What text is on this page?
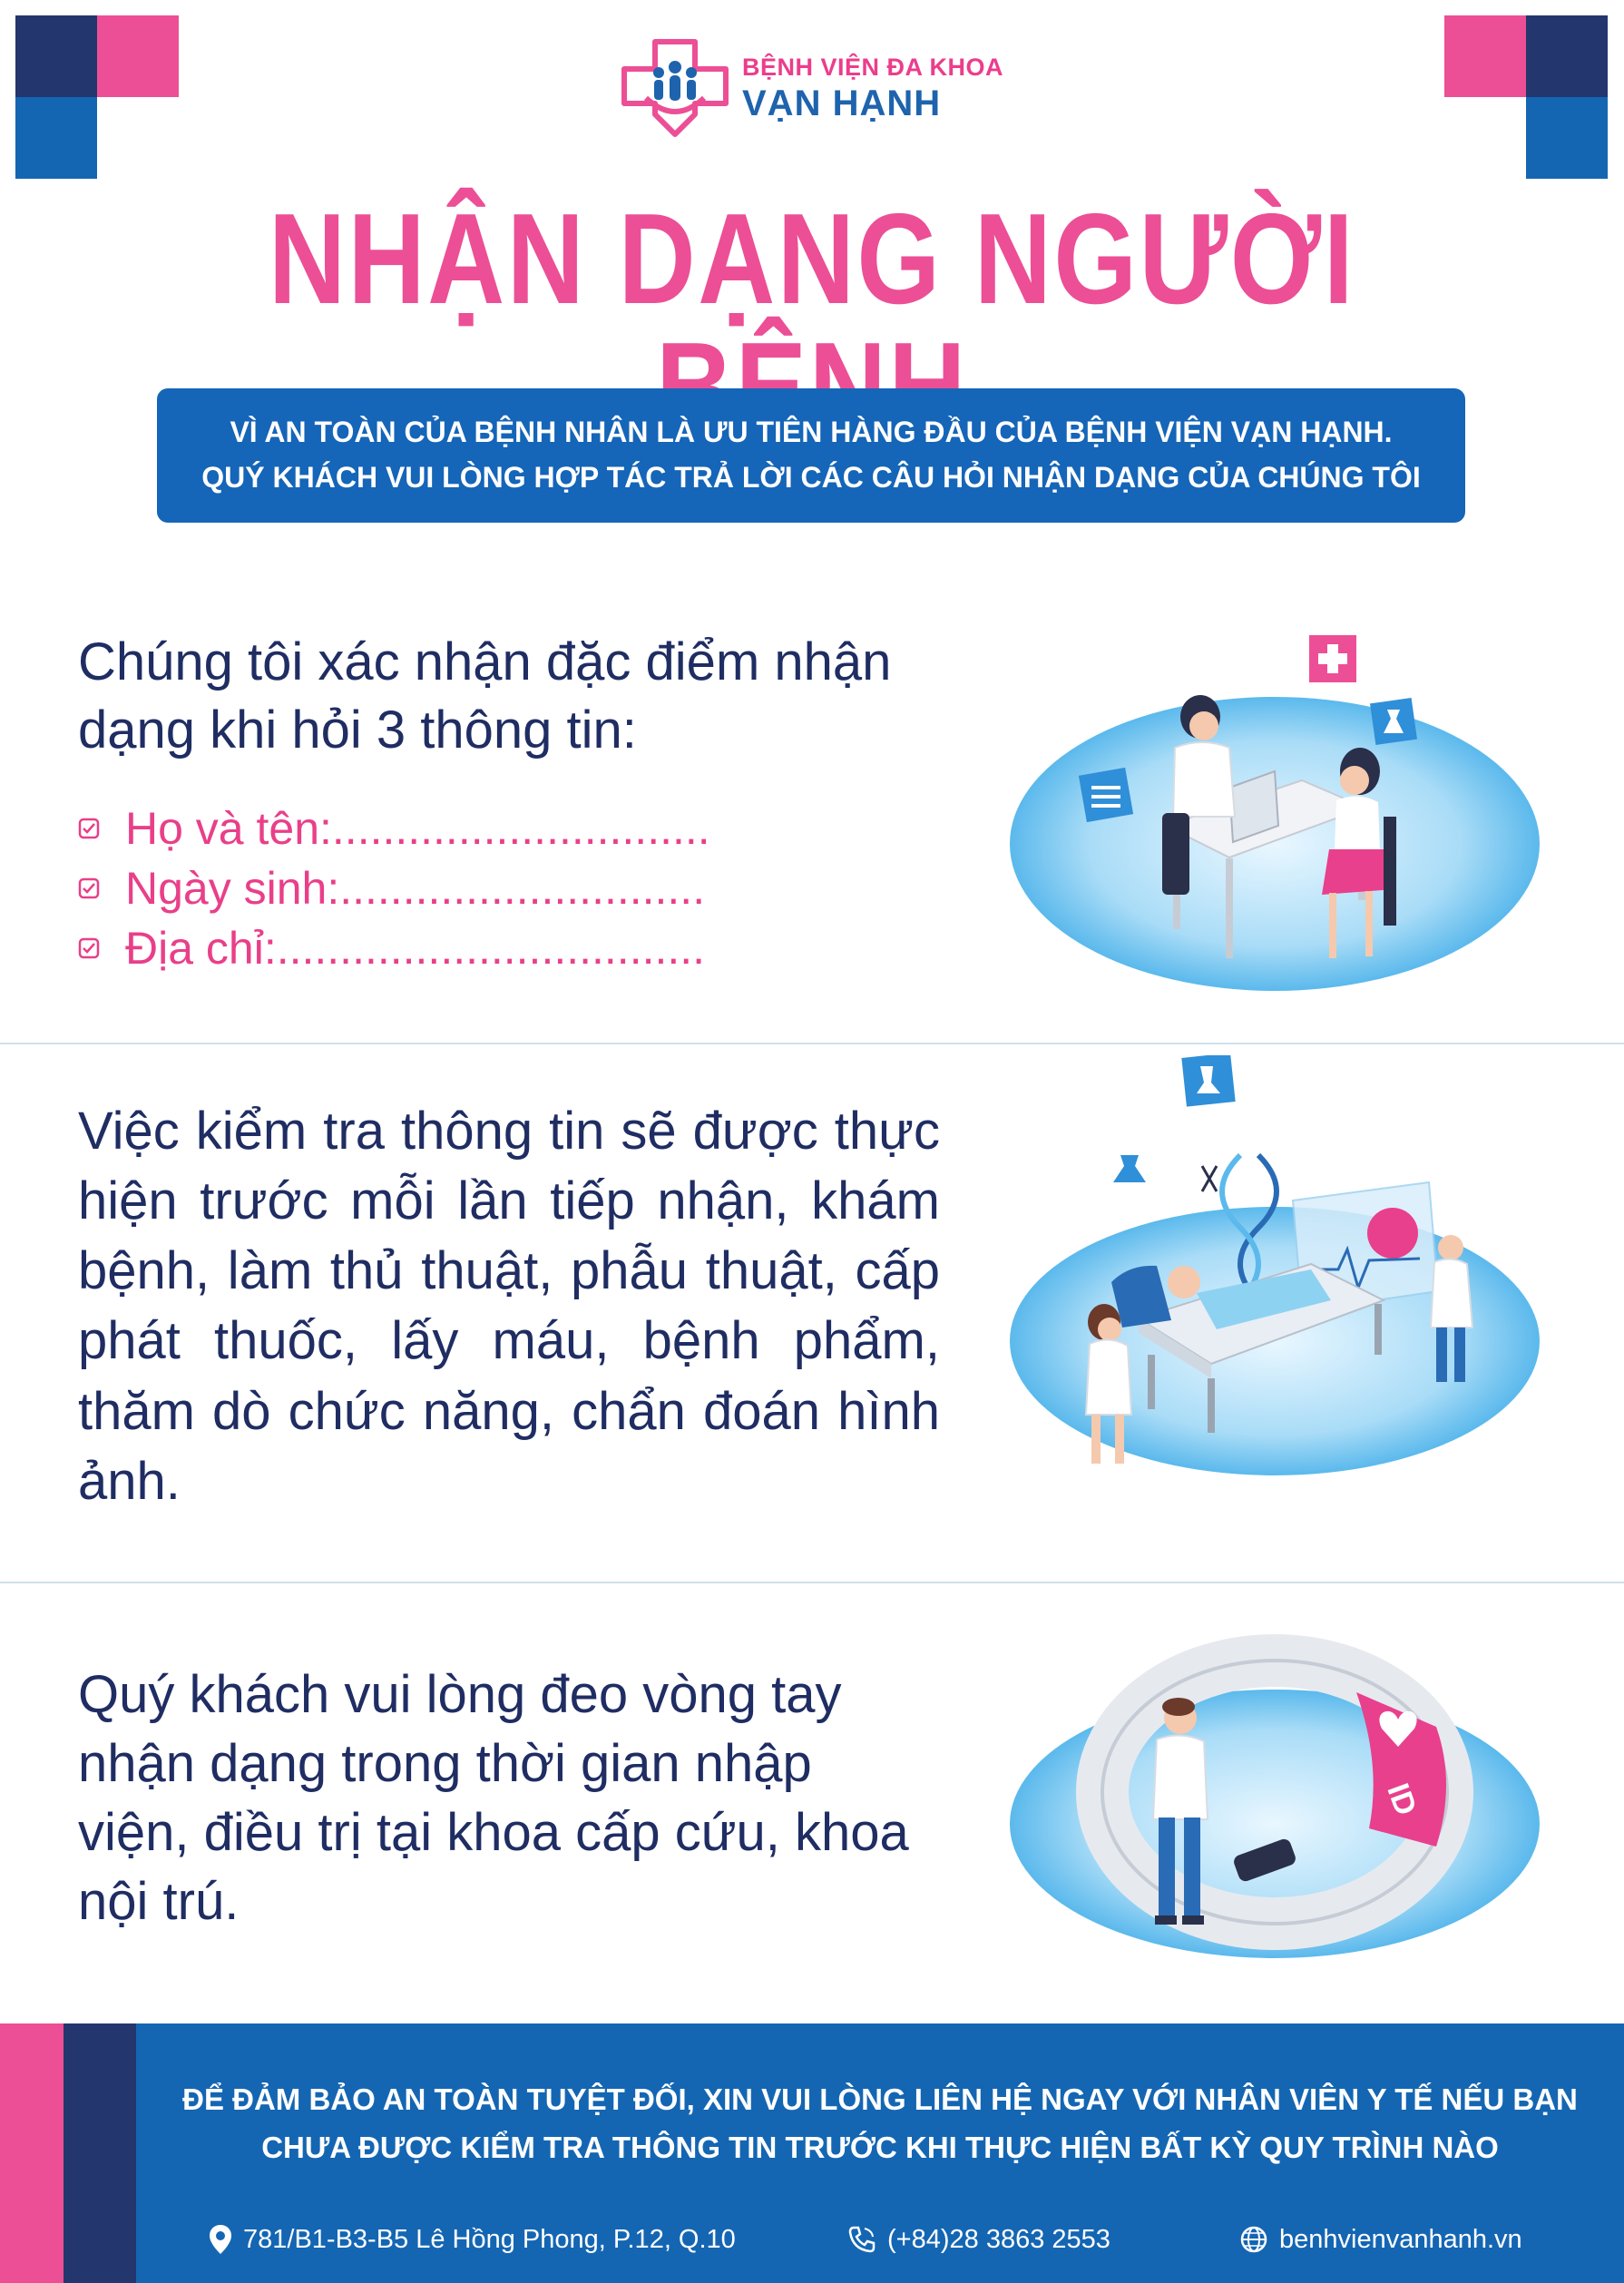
BỆNH VIỆN ĐA KHOA
VẠN HẠNH
NHẬN DẠNG NGƯỜI
VÌ AN TOÀN CỦA BỆNH NHÂN LÀ ƯU TIÊN HÀNG ĐẦU CỦA BỆNH VIỆN VẠN HẠNH.
QUÝ KHÁCH VUI LÒNG HỢP TÁC TRẢ LỜI CÁC CÂU HỎI NHẬN DẠNG CỦA CHÚNG TÔI
Chúng tôi xác nhận đặc điểm nhận dạng khi hỏi 3 thông tin:
Họ và tên:..............................
Ngày sinh:.............................
Địa chỉ:..................................
Việc kiểm tra thông tin sẽ được thực hiện trước mỗi lần tiếp nhận, khám bệnh, làm thủ thuật, phẫu thuật, cấp phát thuốc, lấy máu, bệnh phẩm, thăm dò chức năng, chẩn đoán hình ảnh.
Quý khách vui lòng đeo vòng tay nhận dạng trong thời gian nhập viện, điều trị tại khoa cấp cứu, khoa nội trú.
ID
ĐỂ ĐẢM BẢO AN TOÀN TUYỆT ĐỐI, XIN VUI LÒNG LIÊN HỆ NGAY VỚI NHÂN VIÊN Y TẾ NẾU BẠN
CHƯA ĐƯỢC KIỂM TRA THÔNG TIN TRƯỚC KHI THỰC HIỆN BẤT KỲ QUY TRÌNH NÀO
781/B1-B3-B5 Lê Hồng Phong, P.12, Q.10	(+84)28 3863 2553	benhvienvanhanh.vn
